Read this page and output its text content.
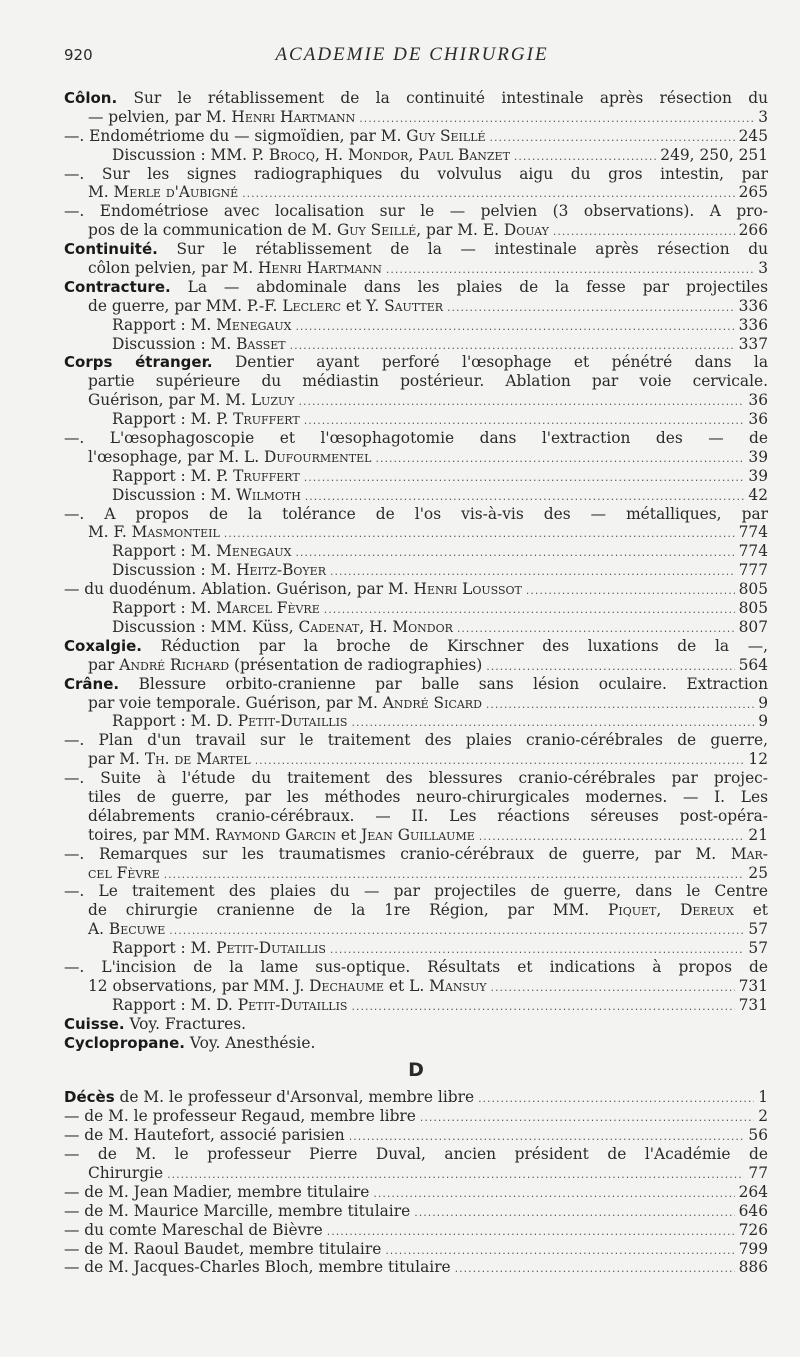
920	ACADEMIE DE CHIRURGIE
Côlon. Sur le rétablissement de la continuité intestinale après résection du
— pelvien, par M. Henri Hartmann .....	3
—. Endométriome du — sigmoïdien, par M. Guy Seillé .....	245
Discussion : MM. P. Brocq, H. Mondor, Paul Banzet .....	249, 250, 251
—. Sur les signes radiographiques du volvulus aigu du gros intestin, par
M. Merle d'Aubigné .....	265
—. Endométriose avec localisation sur le — pelvien (3 observations). A pro-
pos de la communication de M. Guy Seillé, par M. E. Douay .....	266
Continuité. Sur le rétablissement de la — intestinale après résection du
côlon pelvien, par M. Henri Hartmann .....	3
Contracture. La — abdominale dans les plaies de la fesse par projectiles
de guerre, par MM. P.-F. Leclerc et Y. Sautter .....	336
Rapport : M. Menegaux .....	336
Discussion : M. Basset .....	337
Corps étranger. Dentier ayant perforé l'œsophage et pénétré dans la
partie supérieure du médiastin postérieur. Ablation par voie cervicale.
Guérison, par M. M. Luzuy .....	36
Rapport : M. P. Truffert .....	36
—. L'œsophagoscopie et l'œsophagotomie dans l'extraction des — de
l'œsophage, par M. L. Dufourmentel .....	39
Rapport : M. P. Truffert .....	39
Discussion : M. Wilmoth .....	42
—. A propos de la tolérance de l'os vis-à-vis des — métalliques, par
M. F. Masmonteil .....	774
Rapport : M. Menegaux .....	774
Discussion : M. Heitz-Boyer .....	777
— du duodénum. Ablation. Guérison, par M. Henri Loussot .....	805
Rapport : M. Marcel Fèvre .....	805
Discussion : MM. Küss, Cadenat, H. Mondor .....	807
Coxalgie. Réduction par la broche de Kirschner des luxations de la —,
par André Richard (présentation de radiographies) .....	564
Crâne. Blessure orbito-cranienne par balle sans lésion oculaire. Extraction
par voie temporale. Guérison, par M. André Sicard .....	9
Rapport : M. D. Petit-Dutaillis .....	9
—. Plan d'un travail sur le traitement des plaies cranio-cérébrales de guerre,
par M. Th. de Martel .....	12
—. Suite à l'étude du traitement des blessures cranio-cérébrales par projec-
tiles de guerre, par les méthodes neuro-chirurgicales modernes. — I. Les
délabrements cranio-cérébraux. — II. Les réactions séreuses post-opéra-
toires, par MM. Raymond Garcin et Jean Guillaume .....	21
—. Remarques sur les traumatismes cranio-cérébraux de guerre, par M. Mar-
cel Fèvre .....	25
—. Le traitement des plaies du — par projectiles de guerre, dans le Centre
de chirurgie cranienne de la 1re Région, par MM. Piquet, Dereux et
A. Becuwe .....	57
Rapport : M. Petit-Dutaillis .....	57
—. L'incision de la lame sus-optique. Résultats et indications à propos de
12 observations, par MM. J. Dechaume et L. Mansuy .....	731
Rapport : M. D. Petit-Dutaillis .....	731
Cuisse. Voy. Fractures.
Cyclopropane. Voy. Anesthésie.
D
Décès de M. le professeur d'Arsonval, membre libre .....	1
— de M. le professeur Regaud, membre libre .....	2
— de M. Hautefort, associé parisien .....	56
— de M. le professeur Pierre Duval, ancien président de l'Académie de
Chirurgie .....	77
— de M. Jean Madier, membre titulaire .....	264
— de M. Maurice Marcille, membre titulaire .....	646
— du comte Mareschal de Bièvre .....	726
— de M. Raoul Baudet, membre titulaire .....	799
— de M. Jacques-Charles Bloch, membre titulaire .....	886
